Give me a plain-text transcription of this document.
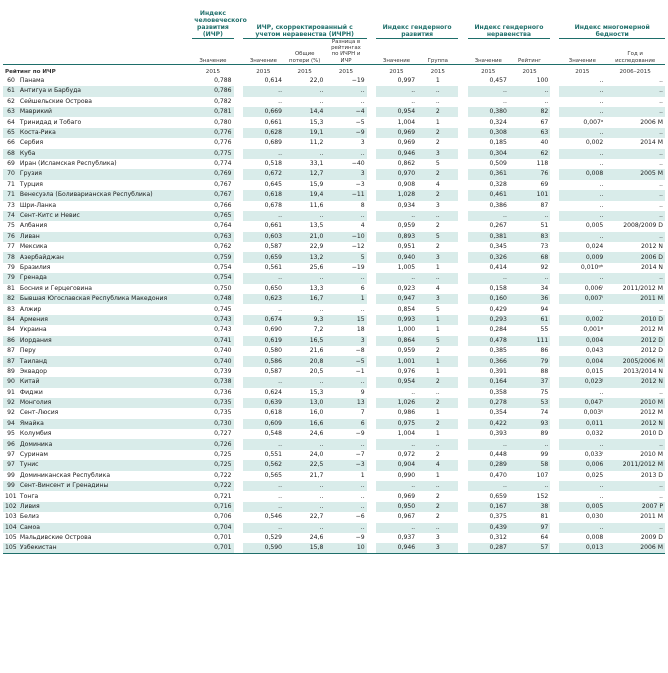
		Индекс человеческого развития (ИЧР)		ИЧР, скорректированный с учетом неравенства (ИЧРН)				Индекс гендерного развития			Индекс гендерного неравенства			Индекс многомерной бедности	
		Значение		Значение	Общие потери (%)	Разница в рейтингах по ИЧРН и ИЧР		Значение	Группа		Значение	Рейтинг		Значение	Год и исследование
Рейтинг по ИЧР		2015		2015	2015	2015		2015	2015		2015	2015		2015	2006–2015
60	Панама	0,788		0,614	22,0	−19		0,997	1		0,457	100		..	..
61	Антигуа и Барбуда	0,786		..	..	..		..	..		..	..		..	..
62	Сейшельские Острова	0,782		..	..	..		..	..		..	..		..	..
63	Маврикий	0,781		0,669	14,4	−4		0,954	2		0,380	82		..	..
64	Тринидад и Тобаго	0,780		0,661	15,3	−5		1,004	1		0,324	67		0,007ᵃ	2006 M
65	Коста-Рика	0,776		0,628	19,1	−9		0,969	2		0,308	63		..	..
66	Сербия	0,776		0,689	11,2	3		0,969	2		0,185	40		0,002	2014 M
68	Куба	0,775		..	..	..		0,946	3		0,304	62		..	..
69	Иран (Исламская Республика)	0,774		0,518	33,1	−40		0,862	5		0,509	118		..	..
70	Грузия	0,769		0,672	12,7	3		0,970	2		0,361	76		0,008	2005 M
71	Турция	0,767		0,645	15,9	−3		0,908	4		0,328	69		..	..
71	Венесуэла (Боливарианская Республика)	0,767		0,618	19,4	−11		1,028	2		0,461	101		..	..
73	Шри-Ланка	0,766		0,678	11,6	8		0,934	3		0,386	87		..	..
74	Сент-Китс и Невис	0,765		..	..	..		..	..		..	..		..	..
75	Албания	0,764		0,661	13,5	4		0,959	2		0,267	51		0,005	2008/2009 D
76	Ливан	0,763		0,603	21,0	−10		0,893	5		0,381	83		..	..
77	Мексика	0,762		0,587	22,9	−12		0,951	2		0,345	73		0,024	2012 N
78	Азербайджан	0,759		0,659	13,2	5		0,940	3		0,326	68		0,009	2006 D
79	Бразилия	0,754		0,561	25,6	−19		1,005	1		0,414	92		0,010ᵍʰ	2014 N
79	Гренада	0,754		..	..	..		..	..		..	..		..	..
81	Босния и Герцеговина	0,750		0,650	13,3	6		0,923	4		0,158	34		0,006ⁱ	2011/2012 M
82	Бывшая Югославская Республика Македония	0,748		0,623	16,7	1		0,947	3		0,160	36		0,007ⁱ	2011 M
83	Алжир	0,745		..	..	..		0,854	5		0,429	94		..	..
84	Армения	0,743		0,674	9,3	15		0,993	1		0,293	61		0,002	2010 D
84	Украина	0,743		0,690	7,2	18		1,000	1		0,284	55		0,001ᵍ	2012 M
86	Иордания	0,741		0,619	16,5	3		0,864	5		0,478	111		0,004	2012 D
87	Перу	0,740		0,580	21,6	−8		0,959	2		0,385	86		0,043	2012 D
87	Таиланд	0,740		0,586	20,8	−5		1,001	1		0,366	79		0,004	2005/2006 M
89	Эквадор	0,739		0,587	20,5	−1		0,976	1		0,391	88		0,015	2013/2014 N
90	Китай	0,738		..	..	..		0,954	2		0,164	37		0,023ʲ	2012 N
91	Фиджи	0,736		0,624	15,3	9		..	..		0,358	75		..	..
92	Монголия	0,735		0,639	13,0	13		1,026	2		0,278	53		0,047ⁱ	2010 M
92	Сент-Люсия	0,735		0,618	16,0	7		0,986	1		0,354	74		0,003ⁱʲ	2012 M
94	Ямайка	0,730		0,609	16,6	6		0,975	2		0,422	93		0,011	2012 N
95	Колумбия	0,727		0,548	24,6	−9		1,004	1		0,393	89		0,032	2010 D
96	Доминика	0,726		..	..	..		..	..		..	..		..	..
97	Суринам	0,725		0,551	24,0	−7		0,972	2		0,448	99		0,033ⁱ	2010 M
97	Тунис	0,725		0,562	22,5	−3		0,904	4		0,289	58		0,006	2011/2012 M
99	Доминиканская Республика	0,722		0,565	21,7	1		0,990	1		0,470	107		0,025	2013 D
99	Сент-Винсент и Гренадины	0,722		..	..	..		..	..		..	..		..	..
101	Тонга	0,721		..	..	..		0,969	2		0,659	152		..	..
102	Ливия	0,716		..	..	..		0,950	2		0,167	38		0,005	2007 P
103	Белиз	0,706		0,546	22,7	−6		0,967	2		0,375	81		0,030	2011 M
104	Самоа	0,704		..	..	..		..	..		0,439	97		..	..
105	Мальдивские Острова	0,701		0,529	24,6	−9		0,937	3		0,312	64		0,008	2009 D
105	Узбекистан	0,701		0,590	15,8	10		0,946	3		0,287	57		0,013	2006 M
